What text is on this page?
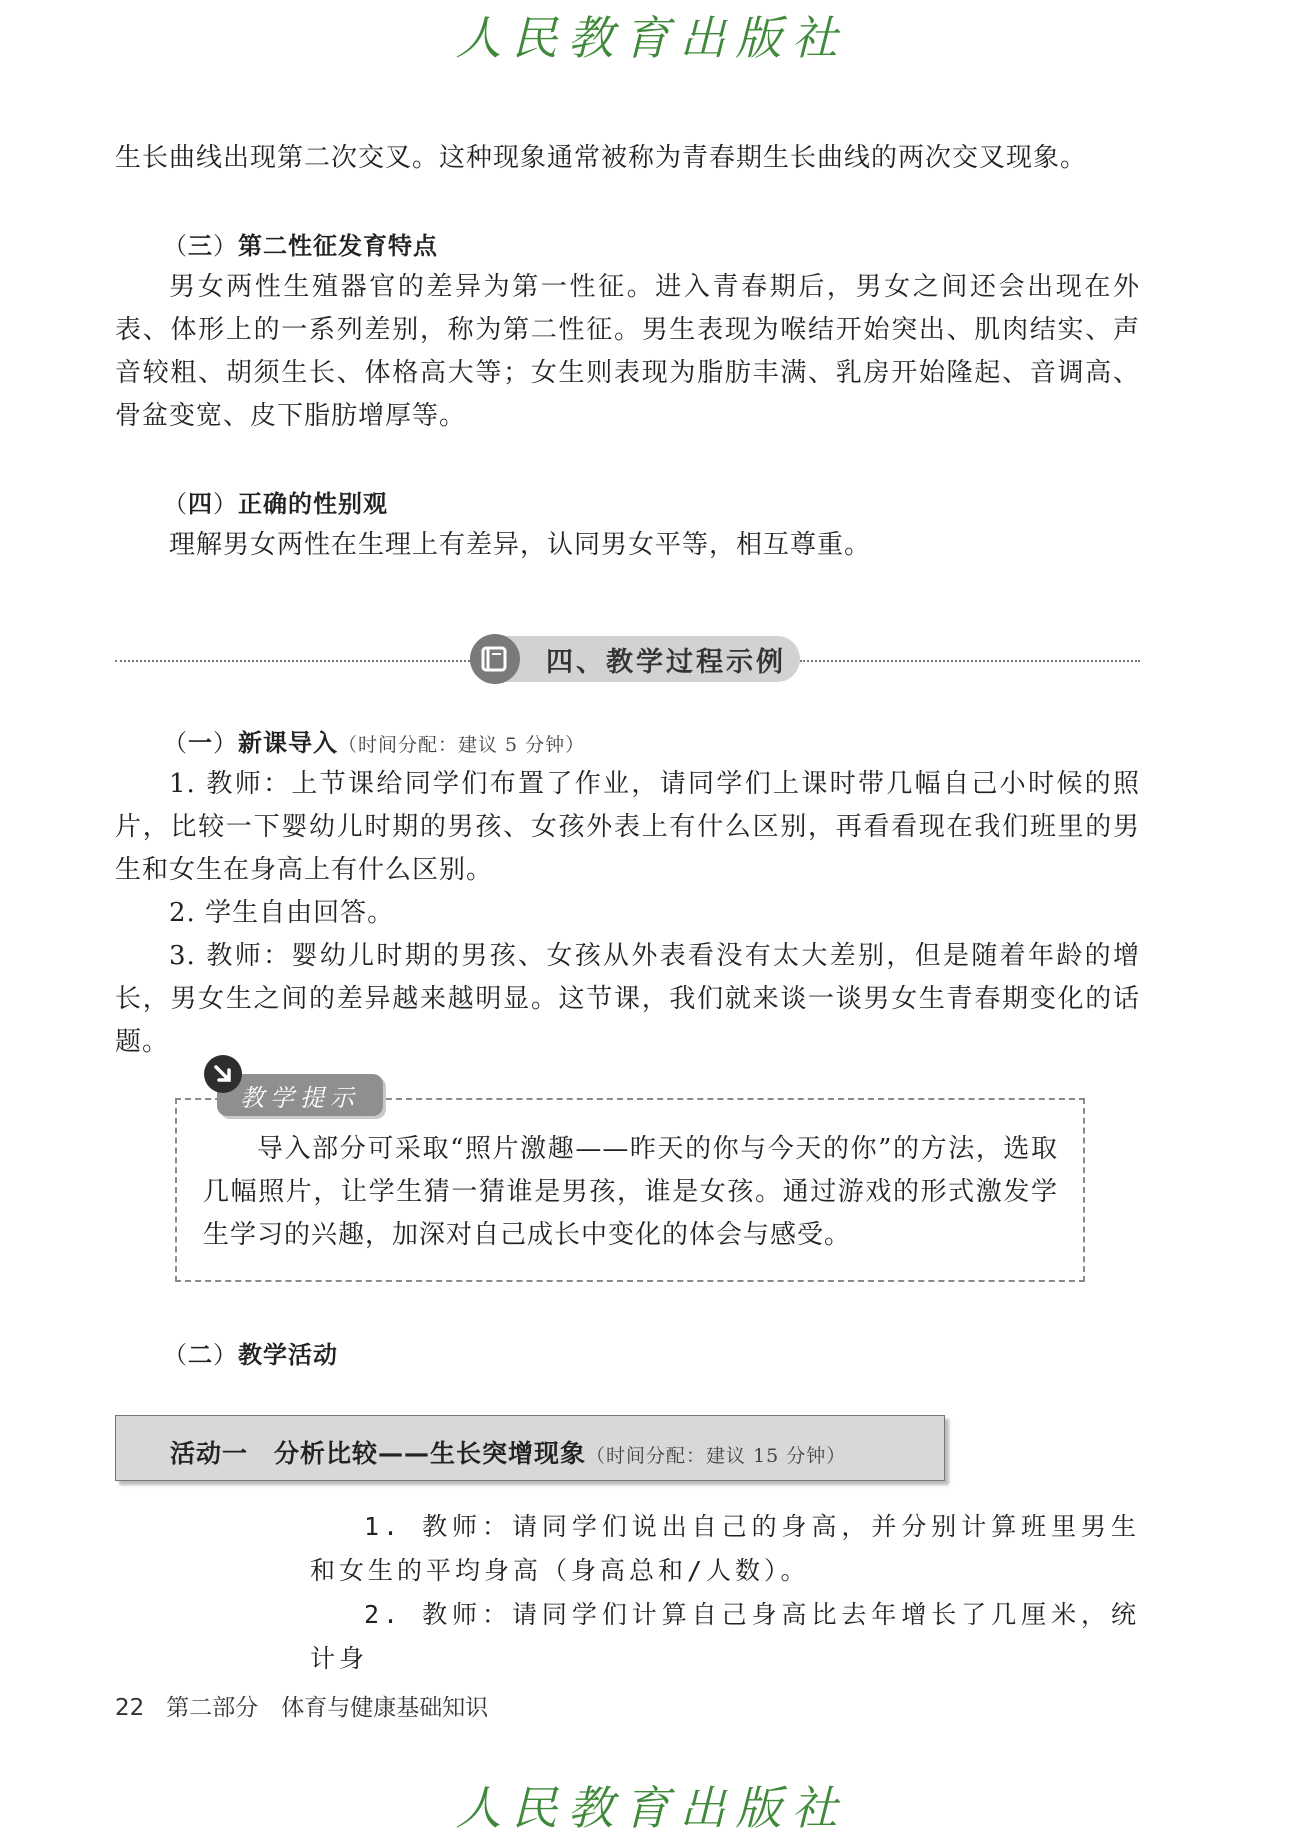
人民教育出版社

生长曲线出现第二次交叉。这种现象通常被称为青春期生长曲线的两次交叉现象。

（三）第二性征发育特点

男女两性生殖器官的差异为第一性征。进入青春期后，男女之间还会出现在外表、体形上的一系列差别，称为第二性征。男生表现为喉结开始突出、肌肉结实、声音较粗、胡须生长、体格高大等；女生则表现为脂肪丰满、乳房开始隆起、音调高、骨盆变宽、皮下脂肪增厚等。

（四）正确的性别观

理解男女两性在生理上有差异，认同男女平等，相互尊重。

四、教学过程示例
（一）新课导入（时间分配：建议 5 分钟）

1. 教师：上节课给同学们布置了作业，请同学们上课时带几幅自己小时候的照片，比较一下婴幼儿时期的男孩、女孩外表上有什么区别，再看看现在我们班里的男生和女生在身高上有什么区别。

2. 学生自由回答。

3. 教师：婴幼儿时期的男孩、女孩从外表看没有太大差别，但是随着年龄的增长，男女生之间的差异越来越明显。这节课，我们就来谈一谈男女生青春期变化的话题。

教学提示

导入部分可采取“照片激趣——昨天的你与今天的你”的方法，选取几幅照片，让学生猜一猜谁是男孩，谁是女孩。通过游戏的形式激发学生学习的兴趣，加深对自己成长中变化的体会与感受。

（二）教学活动
活动一　分析比较——生长突增现象（时间分配：建议 15 分钟）

1. 教师：请同学们说出自己的身高，并分别计算班里男生和女生的平均身高（身高总和/人数）。

2. 教师：请同学们计算自己身高比去年增长了几厘米，统计身

22 第二部分　体育与健康基础知识
人民教育出版社
